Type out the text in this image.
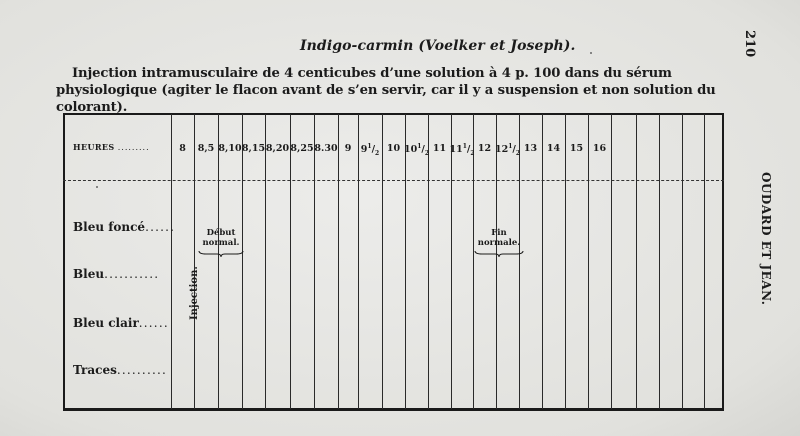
210
Indigo-carmin (Voelker et Joseph).
Injection intramusculaire de 4 centicubes d’une solution à 4 p. 100 dans du sérum physiologique (agiter le flacon avant de s’en servir, car il y a suspension et non solution du colorant).
HEURES .........	8	8,5 8,10 8,15 8,20 8,25 8.30 9 $9^1/_2$ 10 $10^1/_2$ 11 $11^1/_2$ 12 $12^1/_2$ 13	14	15	16
Bleu foncé......
Bleu...........
Bleu clair......
Traces..........
Injection.
Début
normal.
Fin
normale.	OUDARD ET JEAN.
